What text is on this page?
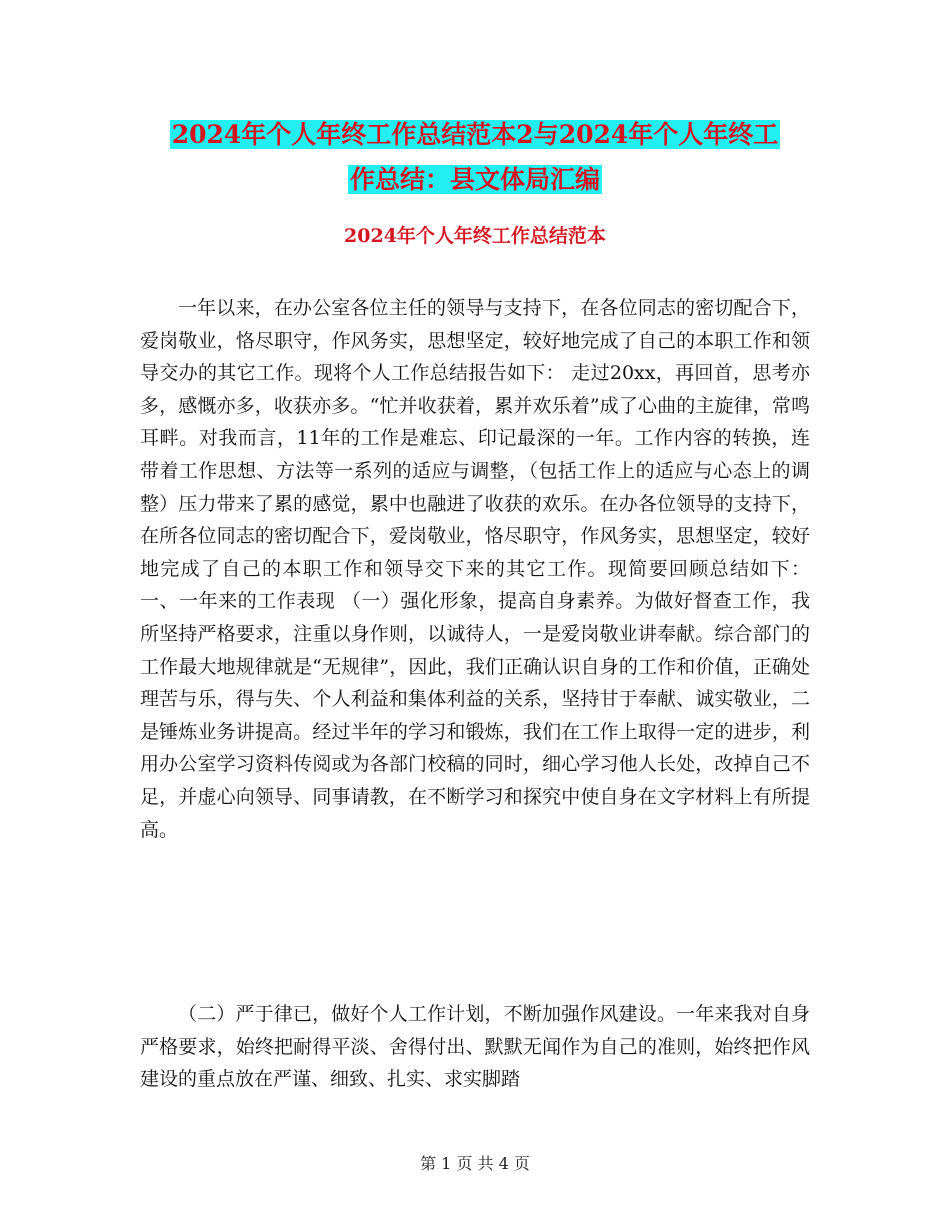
2024年个人年终工作总结范本2与2024年个人年终工
作总结：县文体局汇编
2024年个人年终工作总结范本

一年以来，在办公室各位主任的领导与支持下，在各位同志的密切配合下，爱岗敬业，恪尽职守，作风务实，思想坚定，较好地完成了自己的本职工作和领导交办的其它工作。现将个人工作总结报告如下： 走过20xx，再回首，思考亦多，感慨亦多，收获亦多。“忙并收获着，累并欢乐着”成了心曲的主旋律，常鸣耳畔。对我而言，11年的工作是难忘、印记最深的一年。工作内容的转换，连带着工作思想、方法等一系列的适应与调整，（包括工作上的适应与心态上的调整）压力带来了累的感觉，累中也融进了收获的欢乐。在办各位领导的支持下，在所各位同志的密切配合下，爱岗敬业，恪尽职守，作风务实，思想坚定，较好地完成了自己的本职工作和领导交下来的其它工作。现简要回顾总结如下： 一、一年来的工作表现 （一）强化形象，提高自身素养。为做好督查工作，我所坚持严格要求，注重以身作则，以诚待人，一是爱岗敬业讲奉献。综合部门的工作最大地规律就是“无规律”，因此，我们正确认识自身的工作和价值，正确处理苦与乐，得与失、个人利益和集体利益的关系，坚持甘于奉献、诚实敬业，二是锤炼业务讲提高。经过半年的学习和锻炼，我们在工作上取得一定的进步，利用办公室学习资料传阅或为各部门校稿的同时，细心学习他人长处，改掉自己不足，并虚心向领导、同事请教，在不断学习和探究中使自身在文字材料上有所提高。

（二）严于律已，做好个人工作计划，不断加强作风建设。一年来我对自身严格要求，始终把耐得平淡、舍得付出、默默无闻作为自己的准则，始终把作风建设的重点放在严谨、细致、扎实、求实脚踏

第 1 页 共 4 页
